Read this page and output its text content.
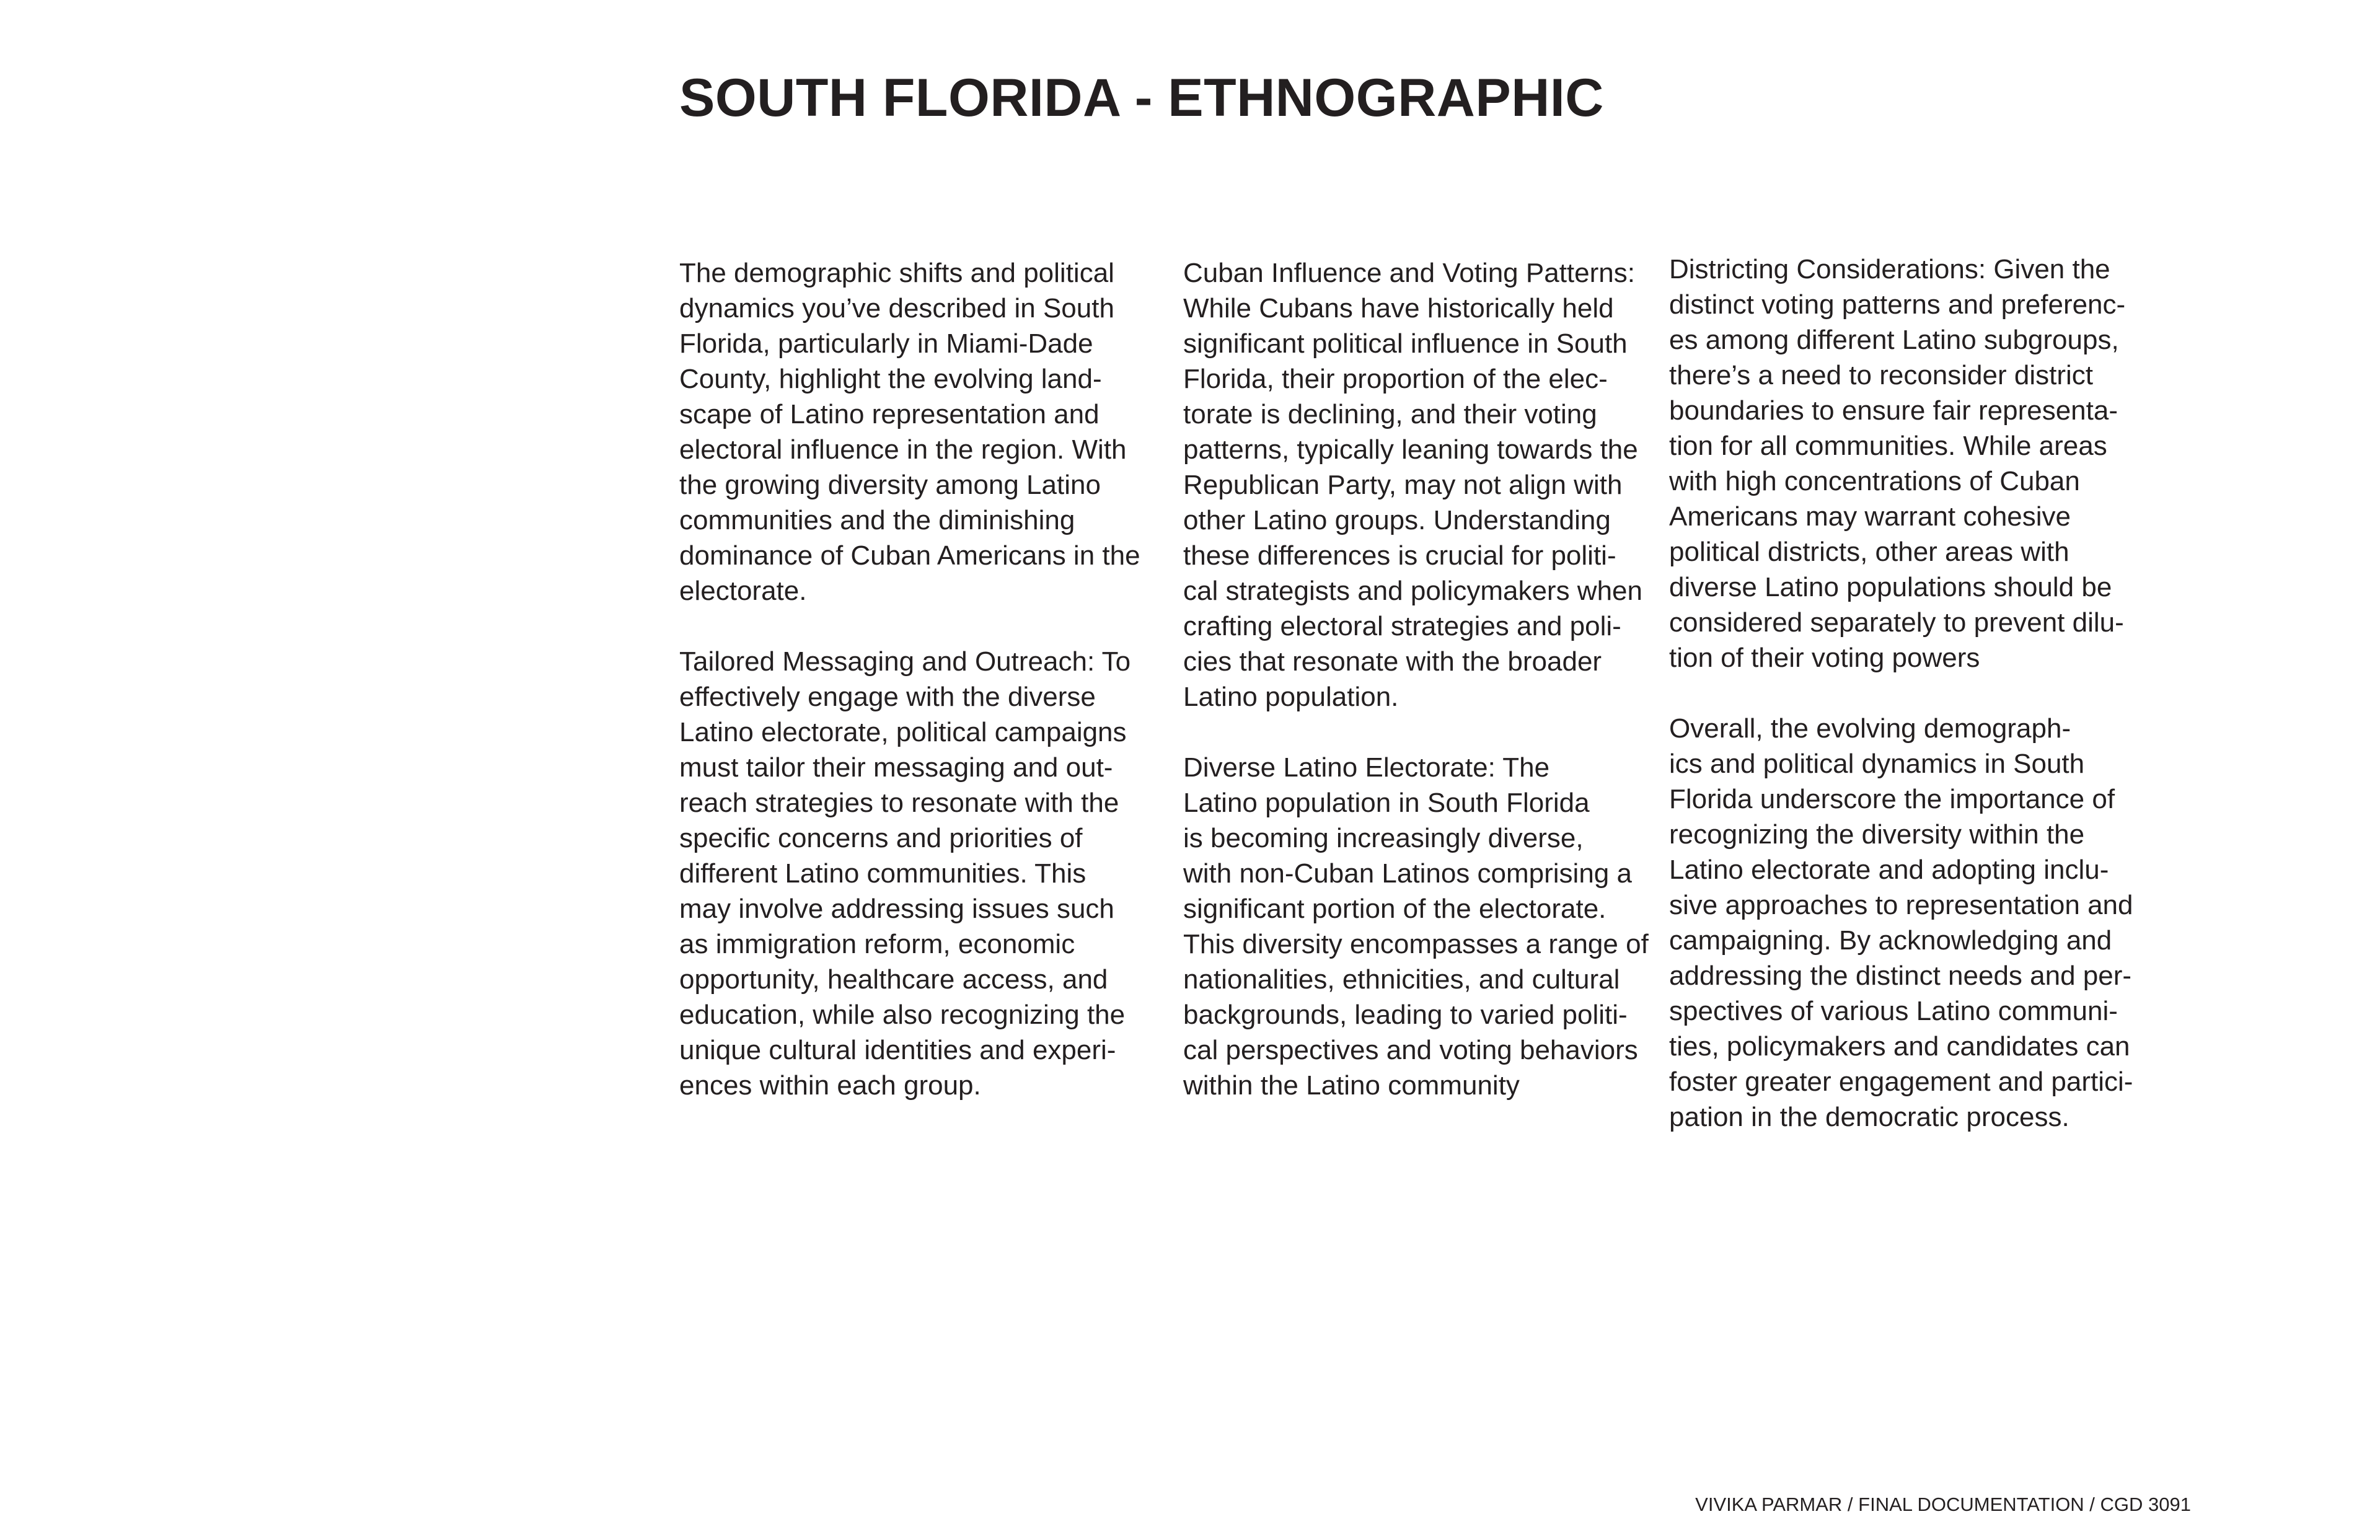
SOUTH FLORIDA - ETHNOGRAPHIC

The demographic shifts and political

dynamics you’ve described in South

Florida, particularly in Miami-Dade

County, highlight the evolving land-

scape of Latino representation and

electoral influence in the region. With

the growing diversity among Latino

communities and the diminishing

dominance of Cuban Americans in the

electorate.

Tailored Messaging and Outreach: To

effectively engage with the diverse

Latino electorate, political campaigns

must tailor their messaging and out-

reach strategies to resonate with the

specific concerns and priorities of

different Latino communities. This

may involve addressing issues such

as immigration reform, economic

opportunity, healthcare access, and

education, while also recognizing the

unique cultural identities and experi-

ences within each group.

Cuban Influence and Voting Patterns:

While Cubans have historically held

significant political influence in South

Florida, their proportion of the elec-

torate is declining, and their voting

patterns, typically leaning towards the

Republican Party, may not align with

other Latino groups. Understanding

these differences is crucial for politi-

cal strategists and policymakers when

crafting electoral strategies and poli-

cies that resonate with the broader

Latino population.

Diverse Latino Electorate: The

Latino population in South Florida

is becoming increasingly diverse,

with non-Cuban Latinos comprising a

significant portion of the electorate.

This diversity encompasses a range of

nationalities, ethnicities, and cultural

backgrounds, leading to varied politi-

cal perspectives and voting behaviors

within the Latino community

Districting Considerations: Given the

distinct voting patterns and preferenc-

es among different Latino subgroups,

there’s a need to reconsider district

boundaries to ensure fair representa-

tion for all communities. While areas

with high concentrations of Cuban

Americans may warrant cohesive

political districts, other areas with

diverse Latino populations should be

considered separately to prevent dilu-

tion of their voting powers

Overall, the evolving demograph-

ics and political dynamics in South

Florida underscore the importance of

recognizing the diversity within the

Latino electorate and adopting inclu-

sive approaches to representation and

campaigning. By acknowledging and

addressing the distinct needs and per-

spectives of various Latino communi-

ties, policymakers and candidates can

foster greater engagement and partici-

pation in the democratic process.

VIVIKA PARMAR / FINAL DOCUMENTATION / CGD 3091
